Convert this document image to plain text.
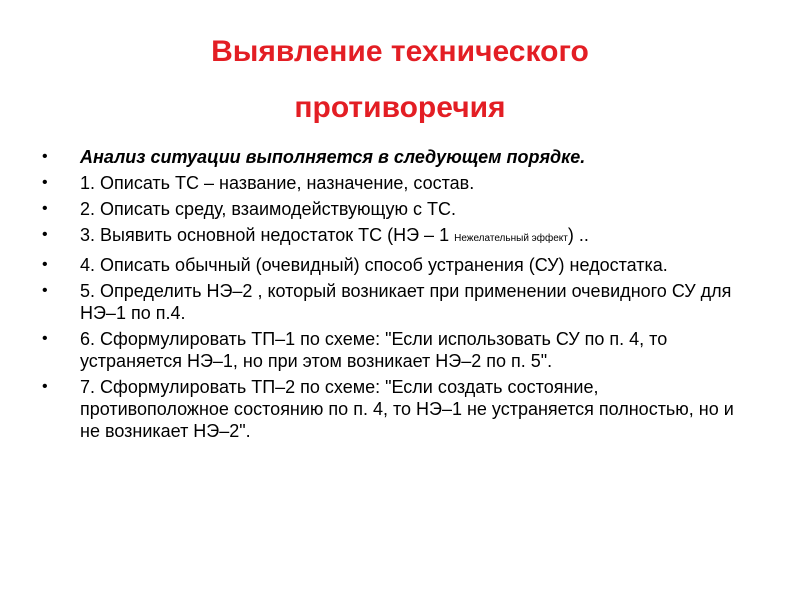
Выявление технического
противоречия
• Анализ ситуации выполняется в следующем порядке.
• 1. Описать ТС – название, назначение, состав.
• 2. Описать среду, взаимодействующую с ТС.
• 3. Выявить основной недостаток ТС (НЭ – 1 Нежелательный эффект) ..
• 4. Описать обычный (очевидный) способ устранения (СУ) недостатка.
• 5. Определить НЭ–2 , который возникает при применении очевидного СУ для НЭ–1 по п.4.
• 6. Сформулировать ТП–1 по схеме: "Если использовать СУ по п. 4, то устраняется НЭ–1, но при этом возникает НЭ–2 по п. 5".
• 7. Сформулировать ТП–2 по схеме: "Если создать состояние, противоположное состоянию по п. 4, то НЭ–1 не устраняется полностью, но и не возникает НЭ–2".
